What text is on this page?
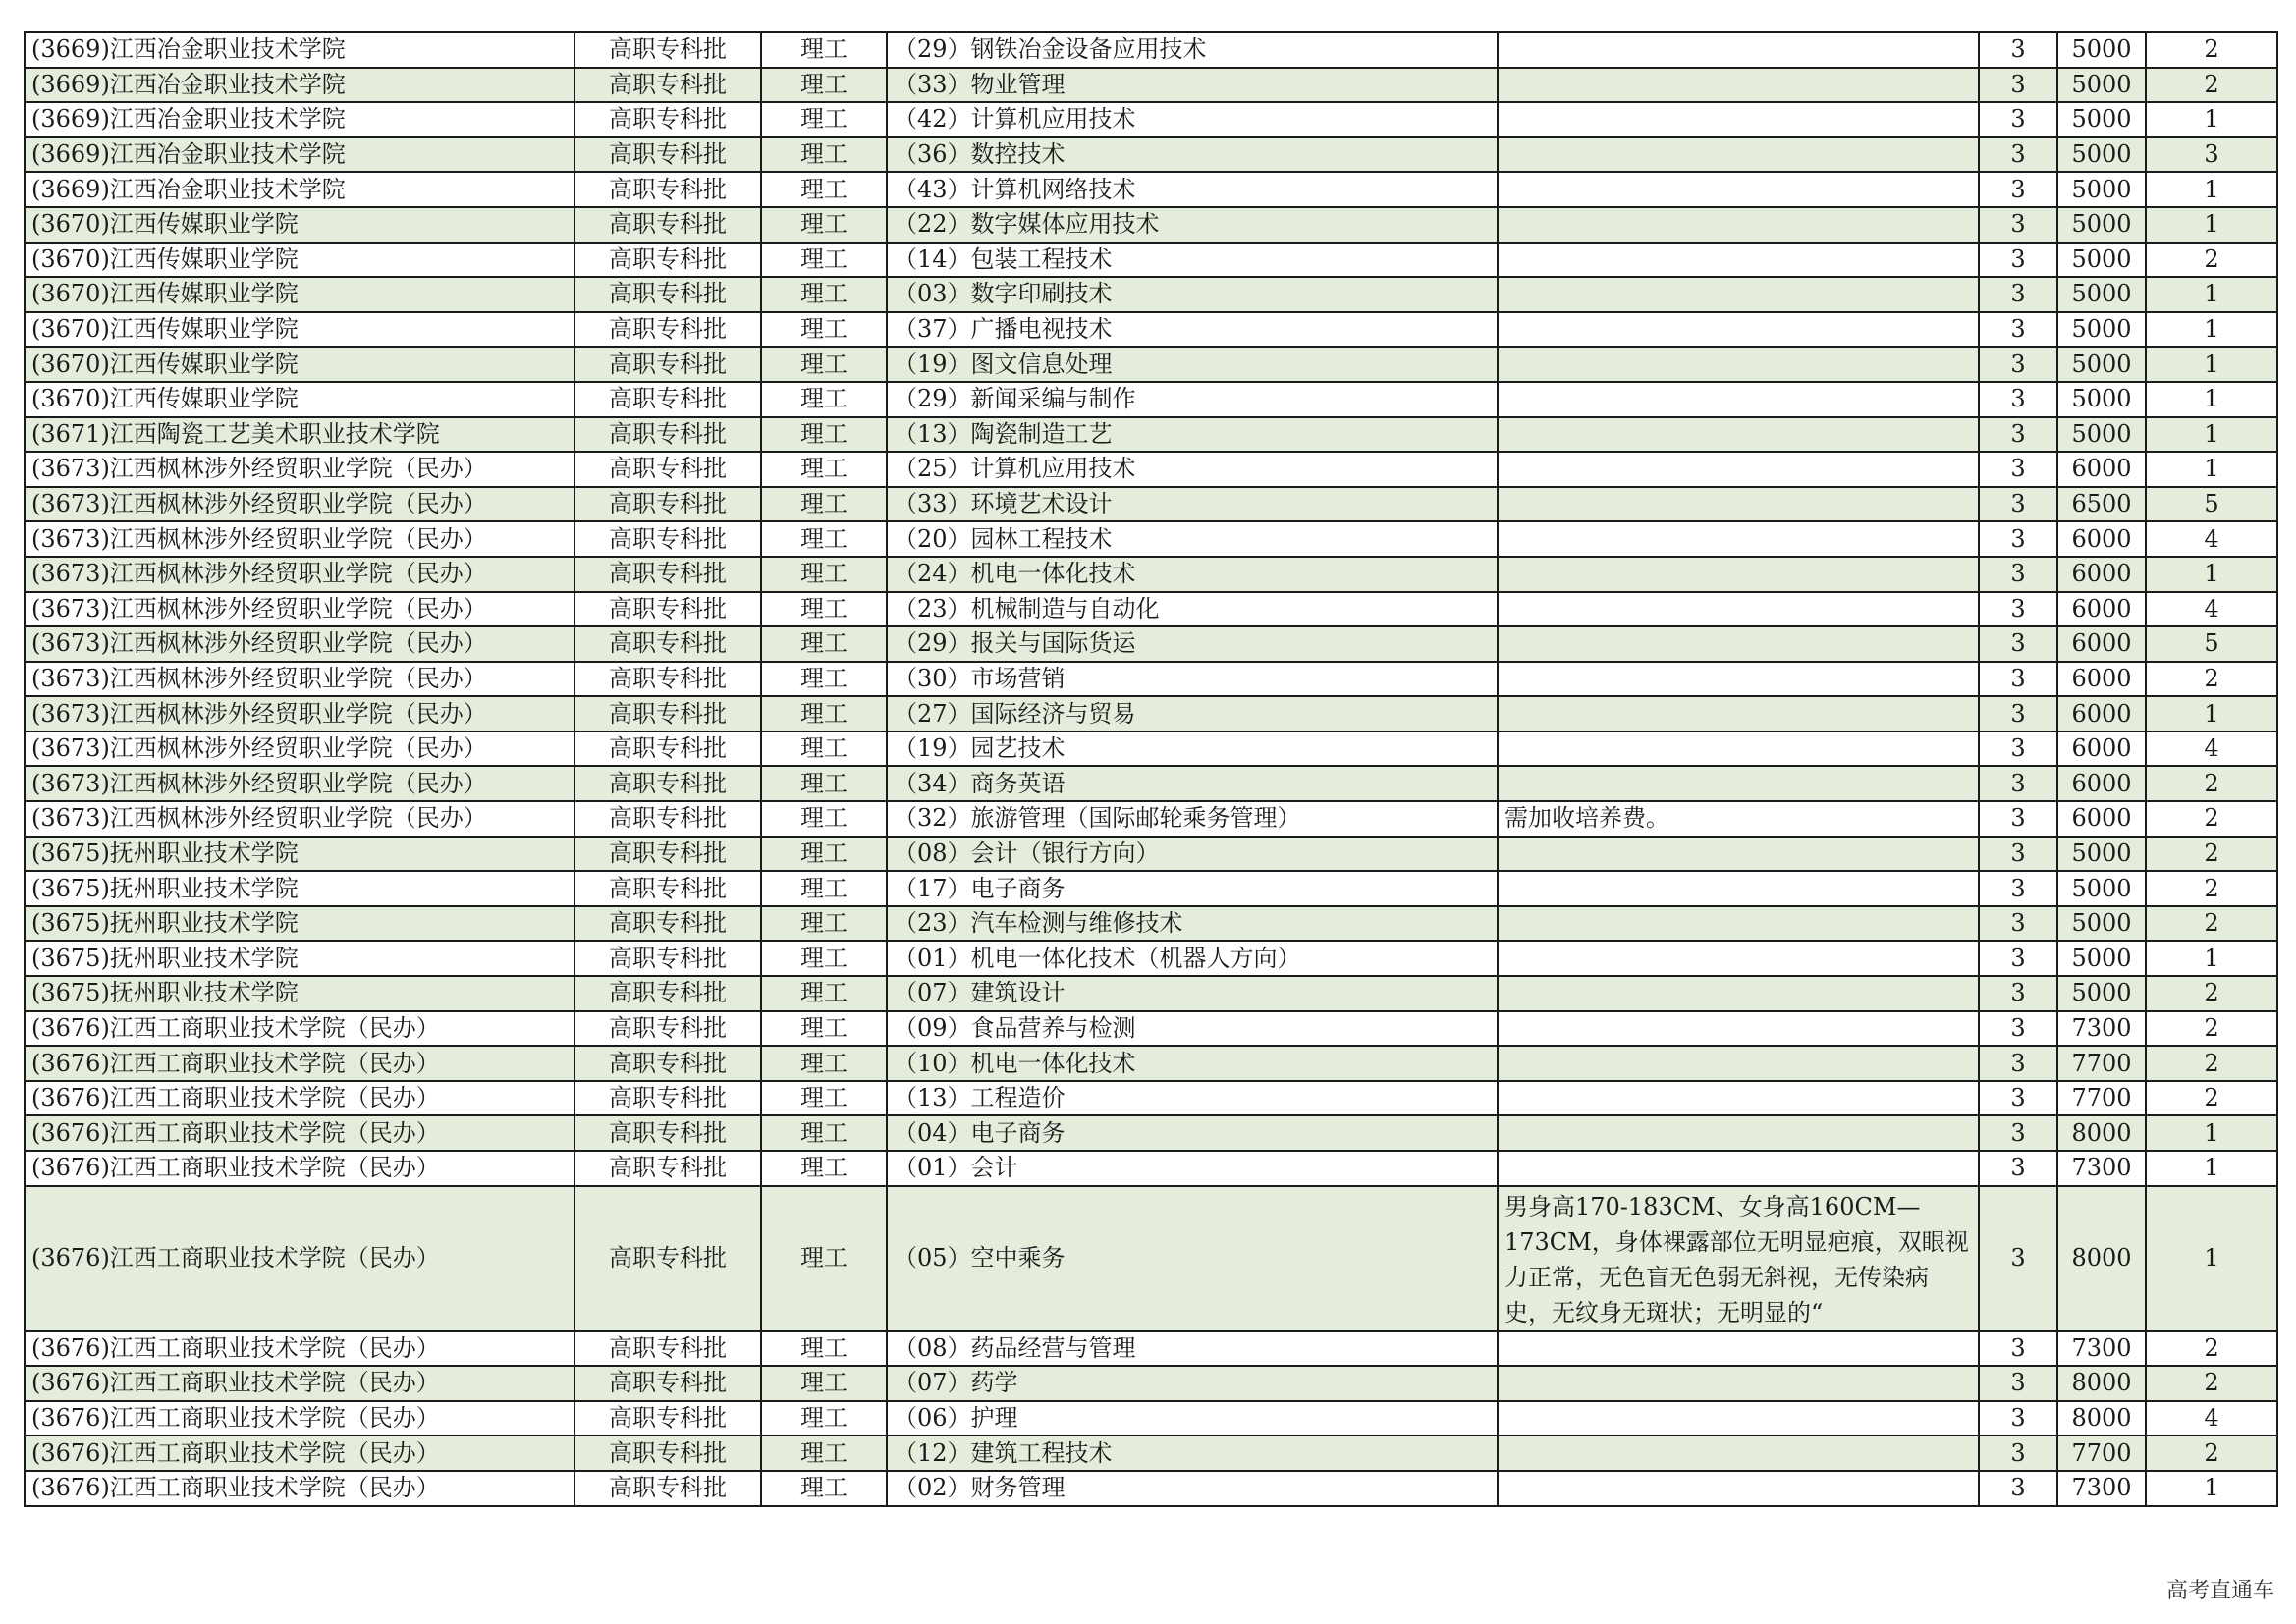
(3669)江西冶金职业技术学院	高职专科批	理工	（29）钢铁冶金设备应用技术		3	5000	2
(3669)江西冶金职业技术学院	高职专科批	理工	（33）物业管理		3	5000	2
(3669)江西冶金职业技术学院	高职专科批	理工	（42）计算机应用技术		3	5000	1
(3669)江西冶金职业技术学院	高职专科批	理工	（36）数控技术		3	5000	3
(3669)江西冶金职业技术学院	高职专科批	理工	（43）计算机网络技术		3	5000	1
(3670)江西传媒职业学院	高职专科批	理工	（22）数字媒体应用技术		3	5000	1
(3670)江西传媒职业学院	高职专科批	理工	（14）包装工程技术		3	5000	2
(3670)江西传媒职业学院	高职专科批	理工	（03）数字印刷技术		3	5000	1
(3670)江西传媒职业学院	高职专科批	理工	（37）广播电视技术		3	5000	1
(3670)江西传媒职业学院	高职专科批	理工	（19）图文信息处理		3	5000	1
(3670)江西传媒职业学院	高职专科批	理工	（29）新闻采编与制作		3	5000	1
(3671)江西陶瓷工艺美术职业技术学院	高职专科批	理工	（13）陶瓷制造工艺		3	5000	1
(3673)江西枫林涉外经贸职业学院（民办）	高职专科批	理工	（25）计算机应用技术		3	6000	1
(3673)江西枫林涉外经贸职业学院（民办）	高职专科批	理工	（33）环境艺术设计		3	6500	5
(3673)江西枫林涉外经贸职业学院（民办）	高职专科批	理工	（20）园林工程技术		3	6000	4
(3673)江西枫林涉外经贸职业学院（民办）	高职专科批	理工	（24）机电一体化技术		3	6000	1
(3673)江西枫林涉外经贸职业学院（民办）	高职专科批	理工	（23）机械制造与自动化		3	6000	4
(3673)江西枫林涉外经贸职业学院（民办）	高职专科批	理工	（29）报关与国际货运		3	6000	5
(3673)江西枫林涉外经贸职业学院（民办）	高职专科批	理工	（30）市场营销		3	6000	2
(3673)江西枫林涉外经贸职业学院（民办）	高职专科批	理工	（27）国际经济与贸易		3	6000	1
(3673)江西枫林涉外经贸职业学院（民办）	高职专科批	理工	（19）园艺技术		3	6000	4
(3673)江西枫林涉外经贸职业学院（民办）	高职专科批	理工	（34）商务英语		3	6000	2
(3673)江西枫林涉外经贸职业学院（民办）	高职专科批	理工	（32）旅游管理（国际邮轮乘务管理）	需加收培养费。	3	6000	2
(3675)抚州职业技术学院	高职专科批	理工	（08）会计（银行方向）		3	5000	2
(3675)抚州职业技术学院	高职专科批	理工	（17）电子商务		3	5000	2
(3675)抚州职业技术学院	高职专科批	理工	（23）汽车检测与维修技术		3	5000	2
(3675)抚州职业技术学院	高职专科批	理工	（01）机电一体化技术（机器人方向）		3	5000	1
(3675)抚州职业技术学院	高职专科批	理工	（07）建筑设计		3	5000	2
(3676)江西工商职业技术学院（民办）	高职专科批	理工	（09）食品营养与检测		3	7300	2
(3676)江西工商职业技术学院（民办）	高职专科批	理工	（10）机电一体化技术		3	7700	2
(3676)江西工商职业技术学院（民办）	高职专科批	理工	（13）工程造价		3	7700	2
(3676)江西工商职业技术学院（民办）	高职专科批	理工	（04）电子商务		3	8000	1
(3676)江西工商职业技术学院（民办）	高职专科批	理工	（01）会计		3	7300	1
(3676)江西工商职业技术学院（民办）	高职专科批	理工	（05）空中乘务	男身高170-183CM、女身高160CM—173CM，身体裸露部位无明显疤痕，双眼视力正常，无色盲无色弱无斜视，无传染病史，无纹身无斑状；无明显的“	3	8000	1
(3676)江西工商职业技术学院（民办）	高职专科批	理工	（08）药品经营与管理		3	7300	2
(3676)江西工商职业技术学院（民办）	高职专科批	理工	（07）药学		3	8000	2
(3676)江西工商职业技术学院（民办）	高职专科批	理工	（06）护理		3	8000	4
(3676)江西工商职业技术学院（民办）	高职专科批	理工	（12）建筑工程技术		3	7700	2
(3676)江西工商职业技术学院（民办）	高职专科批	理工	（02）财务管理		3	7300	1
高考直通车
